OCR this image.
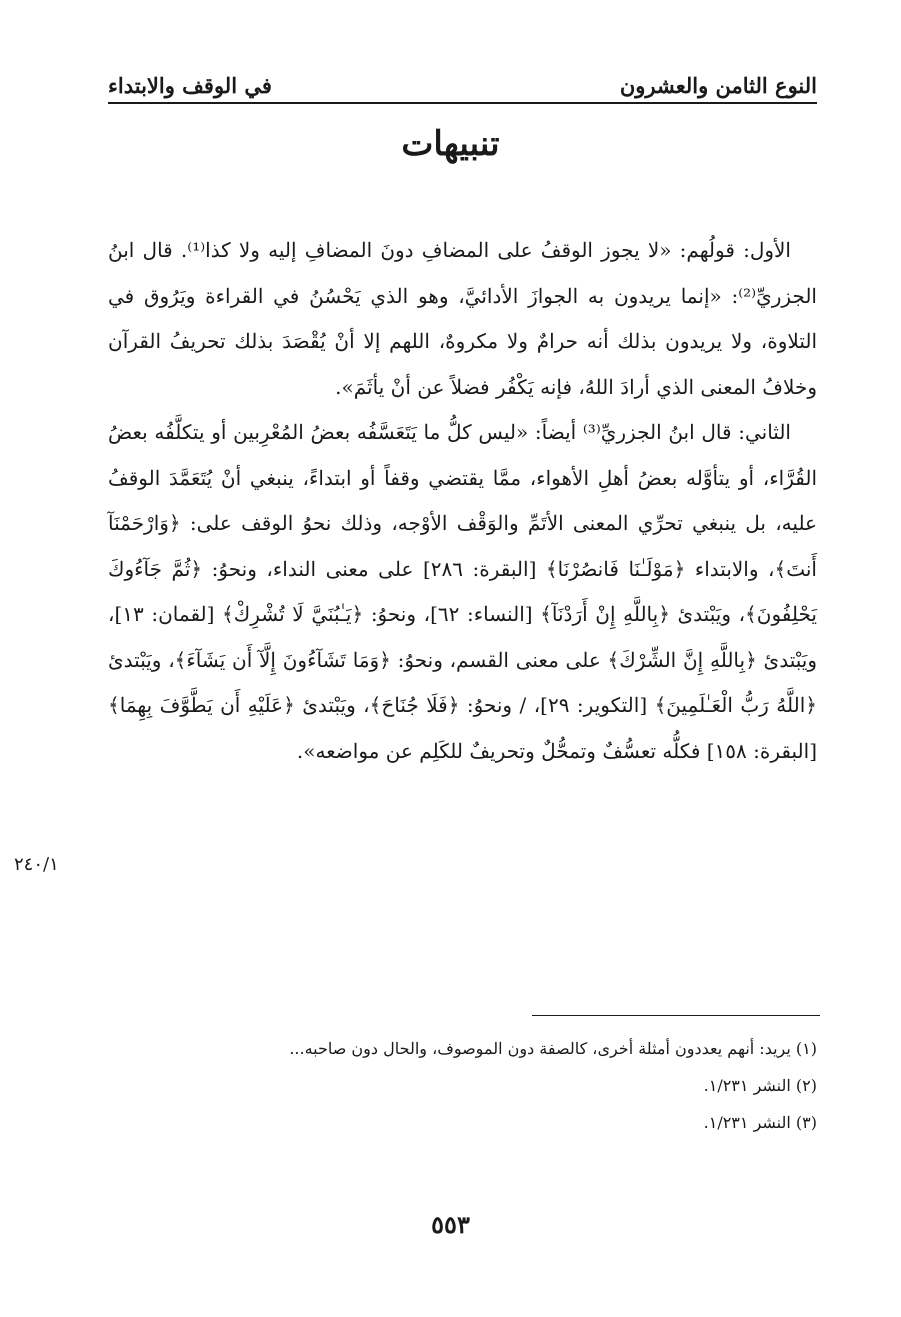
النوع الثامن والعشرون
في الوقف والابتداء
تنبيهات

الأول: قولُهم: «لا يجوز الوقفُ على المضافِ دونَ المضافِ إليه ولا كذا⁽¹⁾. قال ابنُ الجزريِّ⁽²⁾: «إنما يريدون به الجوازَ الأدائيَّ، وهو الذي يَحْسُنُ في القراءة ويَرُوق في التلاوة، ولا يريدون بذلك أنه حرامٌ ولا مكروهٌ، اللهم إلا أنْ يُقْصَدَ بذلك تحريفُ القرآن وخلافُ المعنى الذي أرادَ اللهُ، فإنه يَكْفُر فضلاً عن أنْ يأثَمَ».

الثاني: قال ابنُ الجزريِّ⁽³⁾ أيضاً: «ليس كلُّ ما يَتَعَسَّفُه بعضُ المُعْرِبين أو يتكلَّفُه بعضُ القُرَّاء، أو يتأوَّله بعضُ أهلِ الأهواء، ممَّا يقتضي وقفاً أو ابتداءً، ينبغي أنْ يُتَعَمَّدَ الوقفُ عليه، بل ينبغي تحرِّي المعنى الأتَمِّ والوَقْف الأوْجه، وذلك نحوُ الوقف على: ﴿وَارْحَمْنَآ أَنتَ﴾، والابتداء ﴿مَوْلَـٰنَا فَانصُرْنَا﴾ [البقرة: ٢٨٦] على معنى النداء، ونحوُ: ﴿ثُمَّ جَآءُوكَ يَحْلِفُونَ﴾، ويَبْتدئ ﴿بِاللَّهِ إِنْ أَرَدْنَآ﴾ [النساء: ٦٢]، ونحوُ: ﴿يَـٰبُنَيَّ لَا تُشْرِكْ﴾ [لقمان: ١٣]، ويَبْتدئ ﴿بِاللَّهِ إِنَّ الشِّرْكَ﴾ على معنى القسم، ونحوُ: ﴿وَمَا تَشَآءُونَ إِلَّآ أَن يَشَآءَ﴾، ويَبْتدئ ﴿اللَّهُ رَبُّ الْعَـٰلَمِينَ﴾ [التكوير: ٢٩]، / ونحوُ: ﴿فَلَا جُنَاحَ﴾، ويَبْتدئ ﴿عَلَيْهِ أَن يَطَّوَّفَ بِهِمَا﴾ [البقرة: ١٥٨] فكلُّه تعسُّفٌ وتمحُّلٌ وتحريفٌ للكَلِم عن مواضعه».

٢٤٠/١

(١) يريد: أنهم يعددون أمثلة أخرى، كالصفة دون الموصوف، والحال دون صاحبه...

(٢) النشر ١/٢٣١.

(٣) النشر ١/٢٣١.

٥٥٣
